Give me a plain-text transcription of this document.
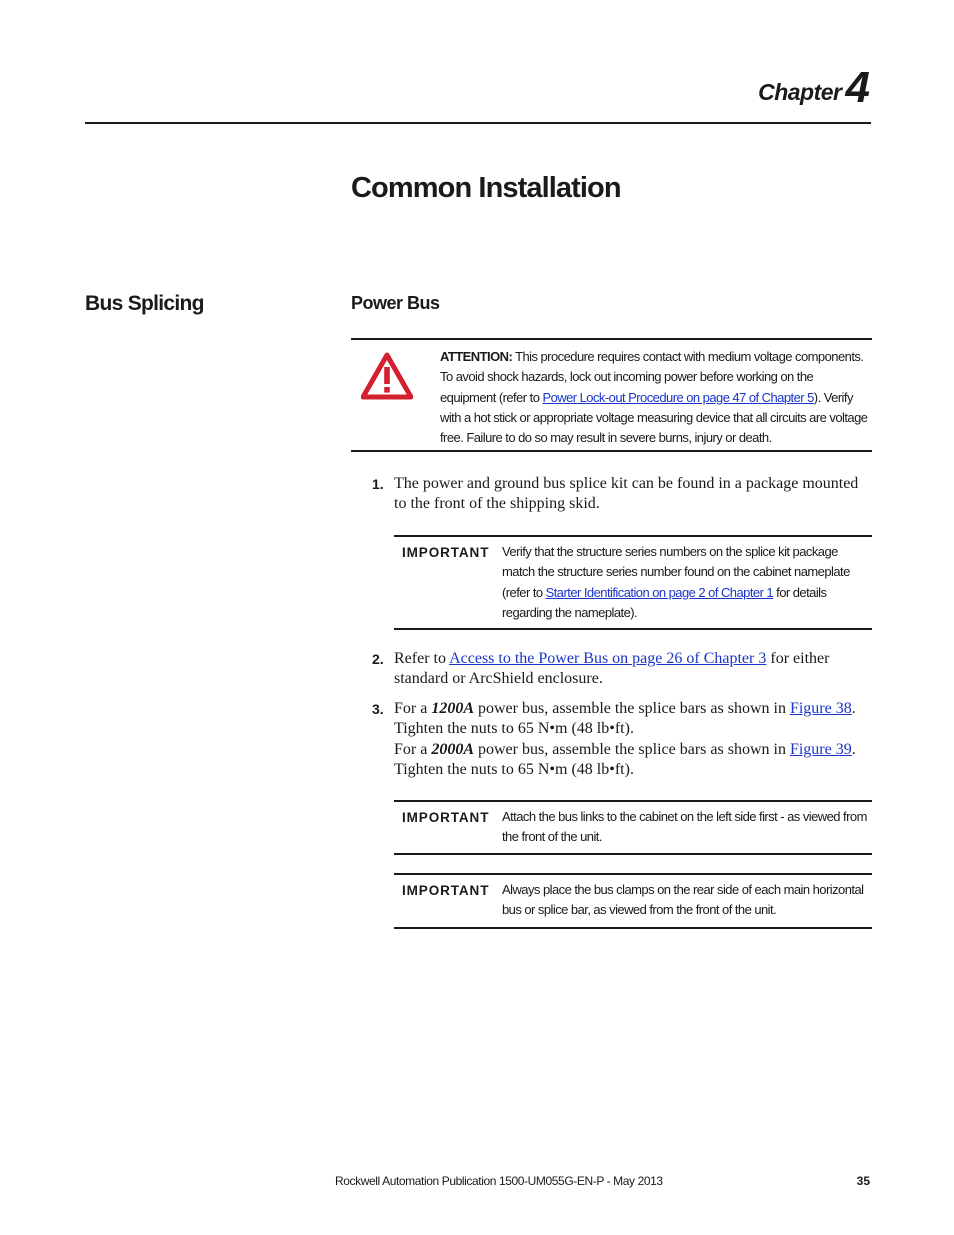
Chapter 4
Common Installation
Bus Splicing	Power Bus
ATTENTION: This procedure requires contact with medium voltage components. To avoid shock hazards, lock out incoming power before working on the equipment (refer to Power Lock-out Procedure on page 47 of Chapter 5). Verify with a hot stick or appropriate voltage measuring device that all circuits are voltage free. Failure to do so may result in severe burns, injury or death.
1. The power and ground bus splice kit can be found in a package mounted to the front of the shipping skid.
IMPORTANT Verify that the structure series numbers on the splice kit package match the structure series number found on the cabinet nameplate (refer to Starter Identification on page 2 of Chapter 1 for details regarding the nameplate).
2. Refer to Access to the Power Bus on page 26 of Chapter 3 for either standard or ArcShield enclosure.
3. For a 1200A power bus, assemble the splice bars as shown in Figure 38.
Tighten the nuts to 65 N•m (48 lb•ft).
For a 2000A power bus, assemble the splice bars as shown in Figure 39.
Tighten the nuts to 65 N•m (48 lb•ft).
IMPORTANT Attach the bus links to the cabinet on the left side first - as viewed from the front of the unit.
IMPORTANT Always place the bus clamps on the rear side of each main horizontal bus or splice bar, as viewed from the front of the unit.
Rockwell Automation Publication 1500-UM055G-EN-P - May 2013	35
